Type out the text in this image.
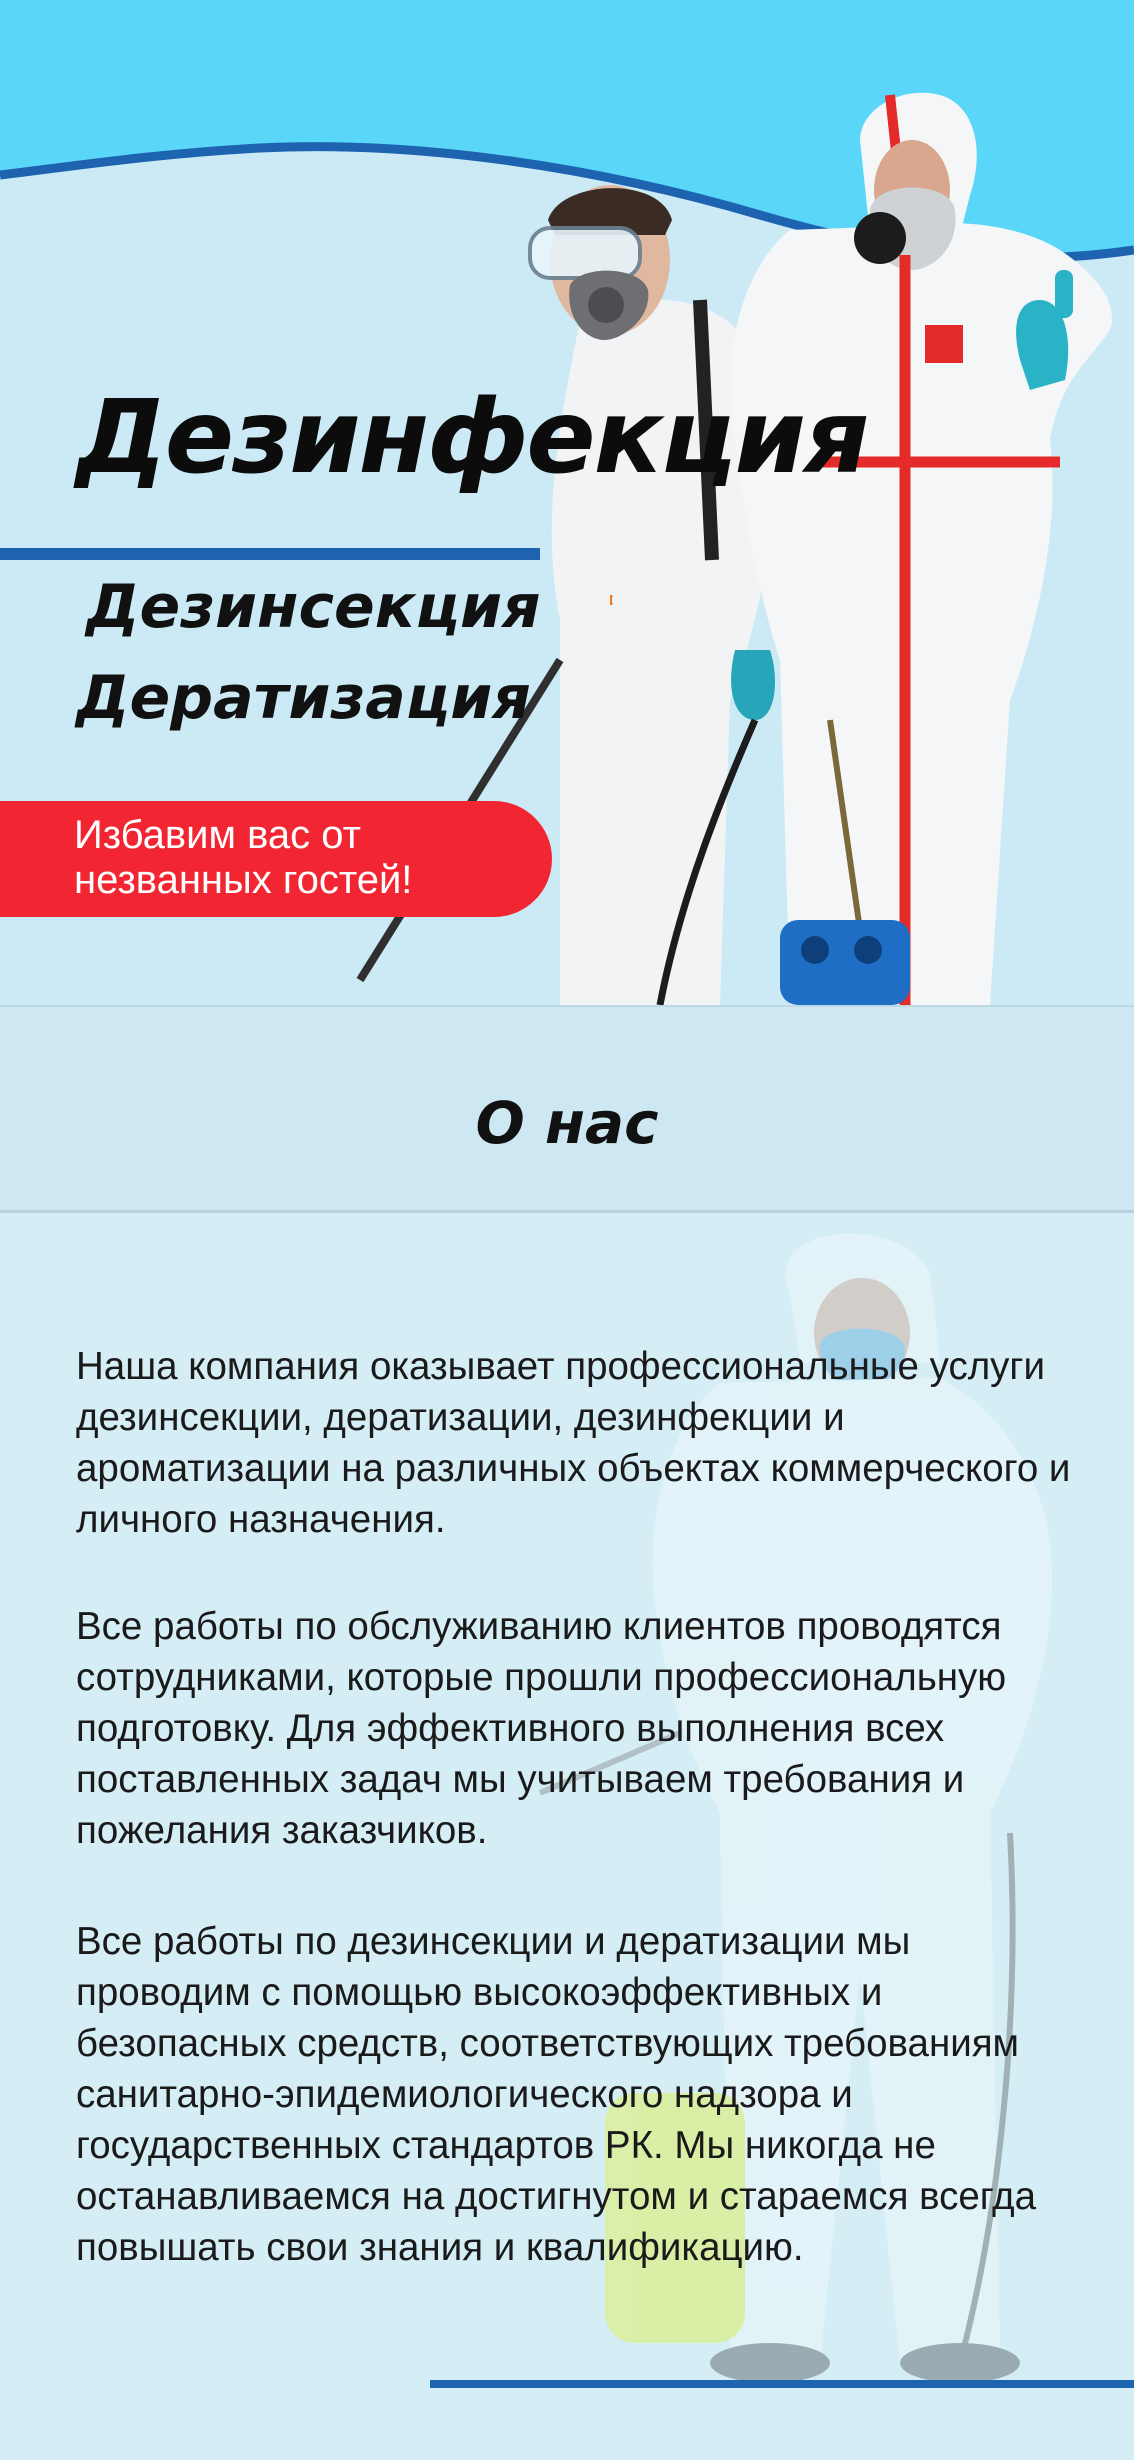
Дезинфекция
Дезинсекция
Дератизация
Избавим вас от незванных гостей!
О нас

Наша компания оказывает профессиональные услуги дезинсекции, дератизации, дезинфекции и ароматизации на различных объектах коммерческого и личного назначения.

Все работы по обслуживанию клиентов проводятся сотрудниками, которые прошли профессиональную подготовку. Для эффективного выполнения всех поставленных задач мы учитываем требования и пожелания заказчиков.

Все работы по дезинсекции и дератизации мы проводим с помощью высокоэффективных и безопасных средств, соответствующих требованиям санитарно-эпидемиологического надзора и государственных стандартов РК. Мы никогда не останавливаемся на достигнутом и стараемся всегда повышать свои знания и квалификацию.
